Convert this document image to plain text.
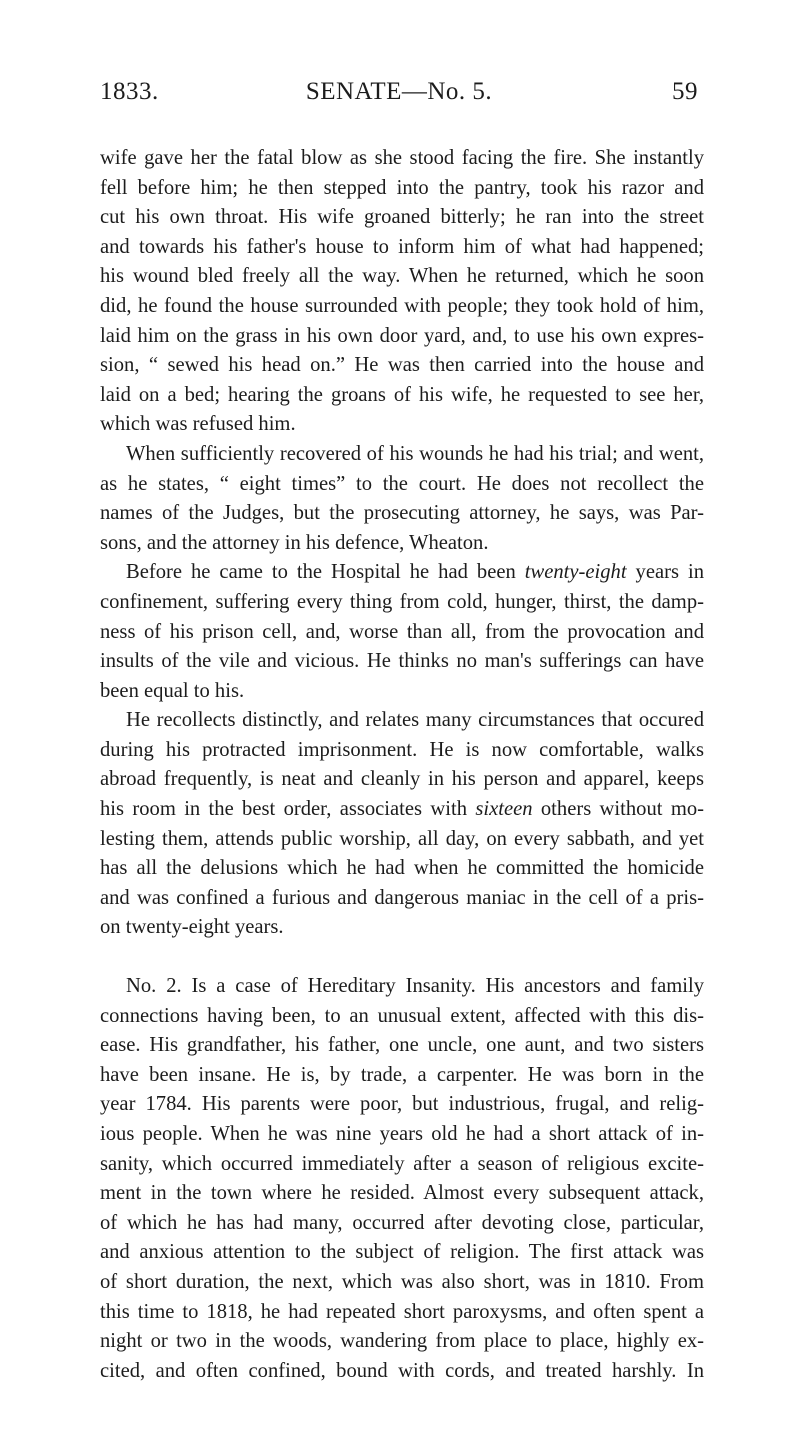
1833.	SENATE—No. 5.	59
wife gave her the fatal blow as she stood facing the fire. She instantly
fell before him; he then stepped into the pantry, took his razor and
cut his own throat. His wife groaned bitterly; he ran into the street
and towards his father's house to inform him of what had happened;
his wound bled freely all the way. When he returned, which he soon
did, he found the house surrounded with people; they took hold of him,
laid him on the grass in his own door yard, and, to use his own expres-
sion, “ sewed his head on.” He was then carried into the house and
laid on a bed; hearing the groans of his wife, he requested to see her,
which was refused him.
When sufficiently recovered of his wounds he had his trial; and went,
as he states, “ eight times” to the court. He does not recollect the
names of the Judges, but the prosecuting attorney, he says, was Par-
sons, and the attorney in his defence, Wheaton.
Before he came to the Hospital he had been twenty-eight years in
confinement, suffering every thing from cold, hunger, thirst, the damp-
ness of his prison cell, and, worse than all, from the provocation and
insults of the vile and vicious. He thinks no man's sufferings can have
been equal to his.
He recollects distinctly, and relates many circumstances that occured
during his protracted imprisonment. He is now comfortable, walks
abroad frequently, is neat and cleanly in his person and apparel, keeps
his room in the best order, associates with sixteen others without mo-
lesting them, attends public worship, all day, on every sabbath, and yet
has all the delusions which he had when he committed the homicide
and was confined a furious and dangerous maniac in the cell of a pris-
on twenty-eight years.
No. 2. Is a case of Hereditary Insanity. His ancestors and family
connections having been, to an unusual extent, affected with this dis-
ease. His grandfather, his father, one uncle, one aunt, and two sisters
have been insane. He is, by trade, a carpenter. He was born in the
year 1784. His parents were poor, but industrious, frugal, and relig-
ious people. When he was nine years old he had a short attack of in-
sanity, which occurred immediately after a season of religious excite-
ment in the town where he resided. Almost every subsequent attack,
of which he has had many, occurred after devoting close, particular,
and anxious attention to the subject of religion. The first attack was
of short duration, the next, which was also short, was in 1810. From
this time to 1818, he had repeated short paroxysms, and often spent a
night or two in the woods, wandering from place to place, highly ex-
cited, and often confined, bound with cords, and treated harshly. In
